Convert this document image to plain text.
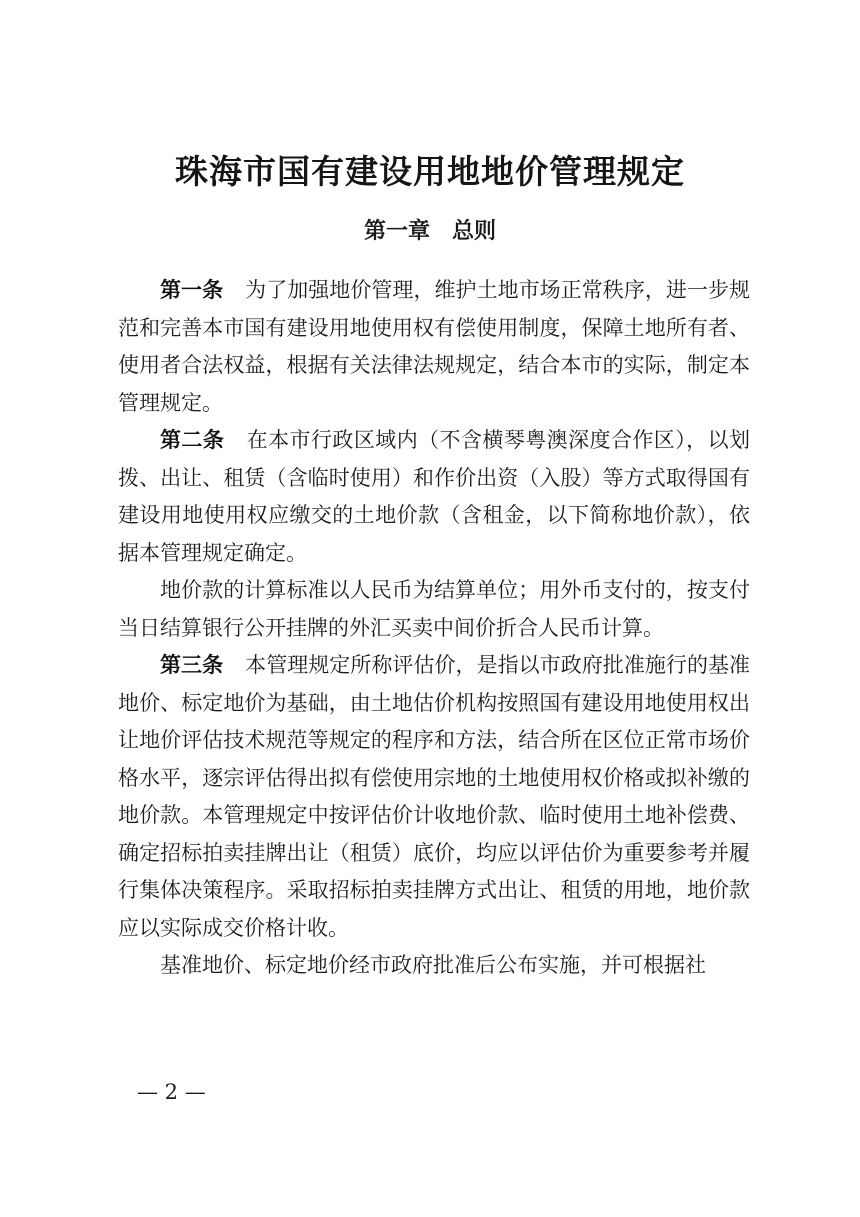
珠海市国有建设用地地价管理规定
第一章 总则

第一条 为了加强地价管理，维护土地市场正常秩序，进一步规范和完善本市国有建设用地使用权有偿使用制度，保障土地所有者、使用者合法权益，根据有关法律法规规定，结合本市的实际，制定本管理规定。

第二条 在本市行政区域内（不含横琴粤澳深度合作区），以划拨、出让、租赁（含临时使用）和作价出资（入股）等方式取得国有建设用地使用权应缴交的土地价款（含租金，以下简称地价款），依据本管理规定确定。

地价款的计算标准以人民币为结算单位；用外币支付的，按支付当日结算银行公开挂牌的外汇买卖中间价折合人民币计算。

第三条 本管理规定所称评估价，是指以市政府批准施行的基准地价、标定地价为基础，由土地估价机构按照国有建设用地使用权出让地价评估技术规范等规定的程序和方法，结合所在区位正常市场价格水平，逐宗评估得出拟有偿使用宗地的土地使用权价格或拟补缴的地价款。本管理规定中按评估价计收地价款、临时使用土地补偿费、确定招标拍卖挂牌出让（租赁）底价，均应以评估价为重要参考并履行集体决策程序。采取招标拍卖挂牌方式出让、租赁的用地，地价款应以实际成交价格计收。

基准地价、标定地价经市政府批准后公布实施，并可根据社

— 2 —
